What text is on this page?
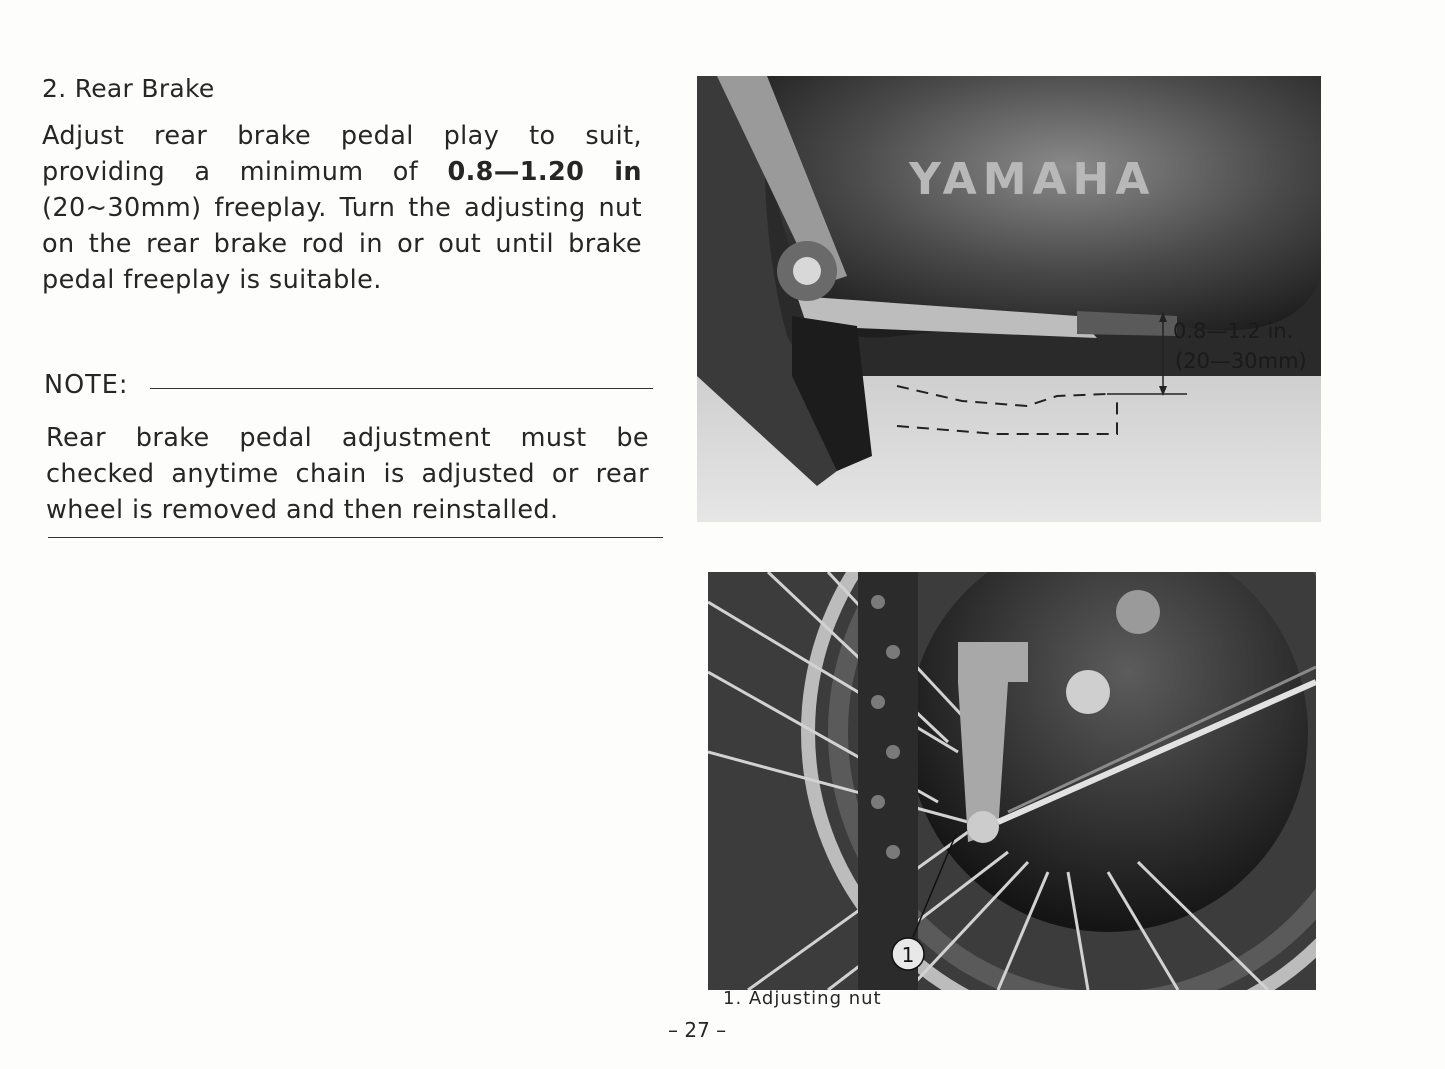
2. Rear Brake
Adjust rear brake pedal play to suit, providing a minimum of 0.8—1.20 in (20~30mm) freeplay. Turn the adjusting nut on the rear brake rod in or out until brake pedal freeplay is suitable.
NOTE:
Rear brake pedal adjustment must be checked anytime chain is adjusted or rear wheel is removed and then reinstalled.
YAMAHA
0.8—1.2 in.
(20—30mm)
1
1. Adjusting nut
– 27 –
